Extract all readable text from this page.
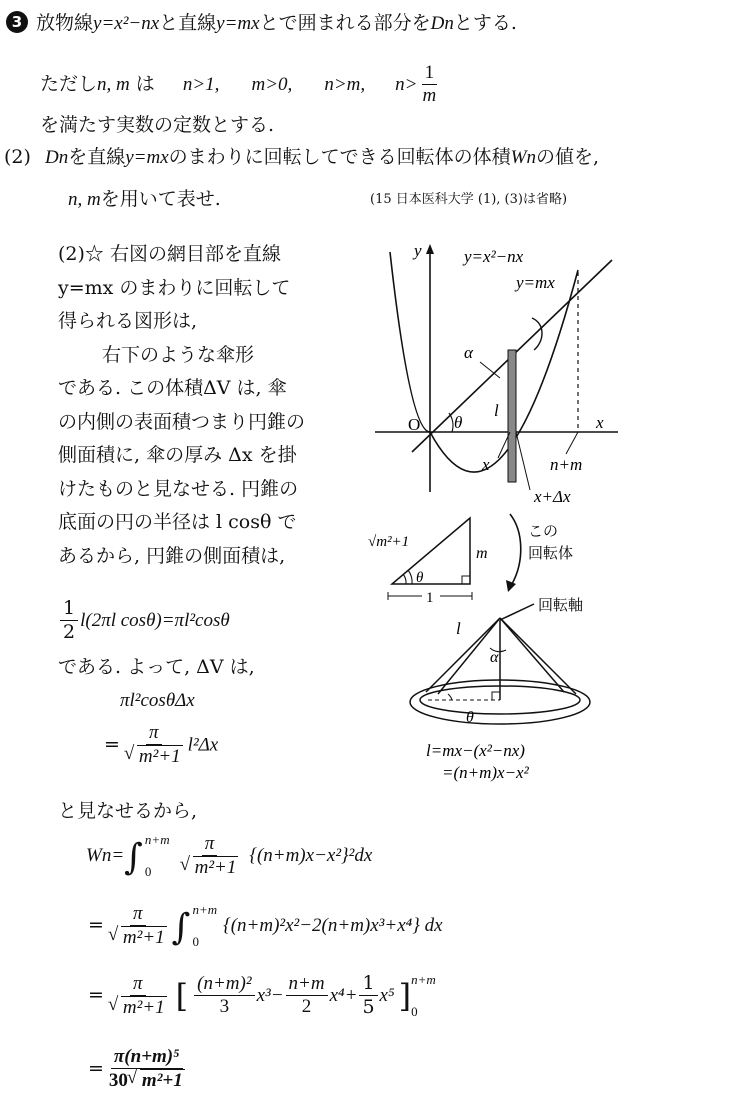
3 放物線y=x²−nxと直線y=mxとで囲まれる部分をDnとする.
ただしn, m は n>1, m>0, n>m, $n> \frac{1}{m}$
を満たす実数の定数とする.
(2) Dnを直線y=mxのまわりに回転してできる回転体の体積Wnの値を,
n, mを用いて表せ.	(15 日本医科大学 (1), (3)は省略)
(2)☆ 右図の網目部を直線
y=mx のまわりに回転して
得られる図形は,
右下のような傘形
である. この体積ΔV は, 傘
の内側の表面積つまり円錐の
側面積に, 傘の厚み Δx を掛
けたものと見なせる. 円錐の
底面の円の半径は l cosθ で
あるから, 円錐の側面積は,
$\frac{1}{2} l(2\pi l$ cosθ)=πl²cosθ
である. よって, ΔV は,
πl²cosθΔx
= π
√ m²+1 l²Δx
と見なせるから,
Wn=∫ n+m
0	π
√ m²+1 {(n+m)x−x²}²dx
= π
√ m²+1 ∫ n+m
0
{(n+m)²x²−2(n+m)x³+x⁴} dx
= π
√ m²+1 [ $\frac{\text{(n+m)²}}{3} x^3- \frac{n+m}{2} x^4+ \frac{1}{5} x^5$ ] n+m
0
= $\frac{\text{π(n+m)⁵}}{\text{30√ m²+1}}$
y y=x²−nx
y=mx
α
l
O θ	x
x	n+m
x+Δx
この
回転体
√m²+1
m
θ
1	回転軸
l
α
θ
l=mx−(x²−nx)
=(n+m)x−x²
